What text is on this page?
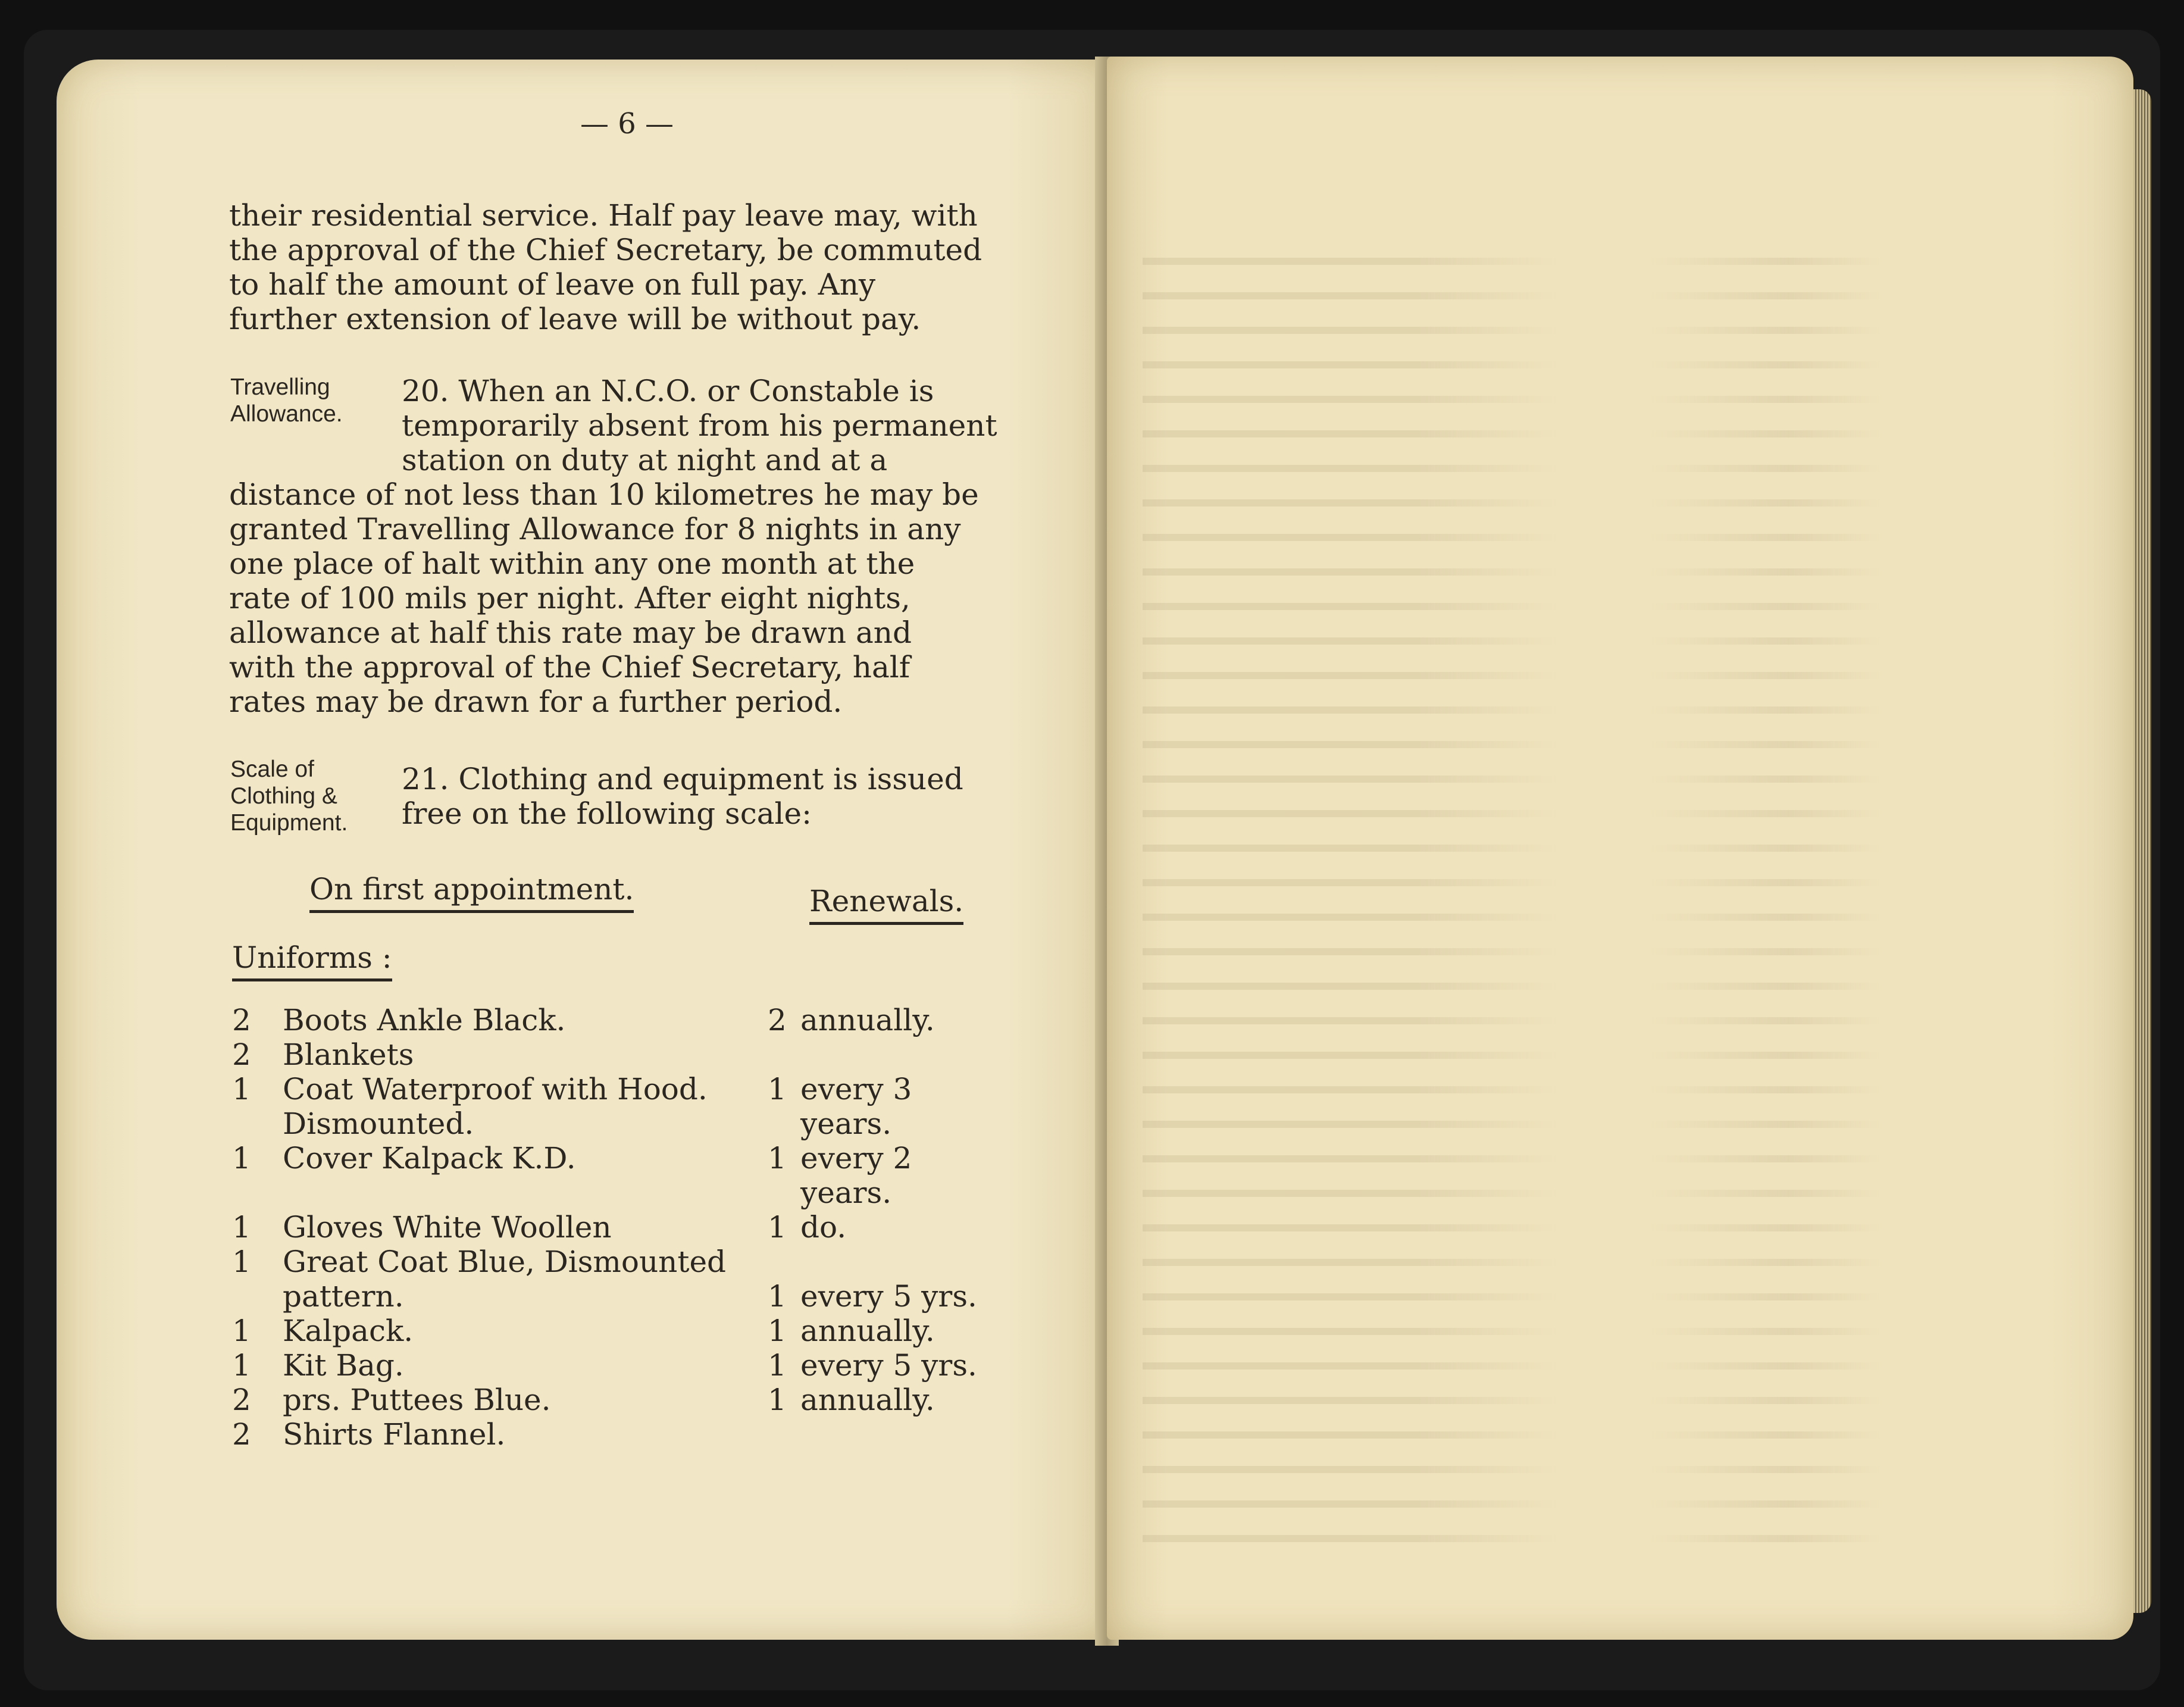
— 6 —
their residential service. Half pay leave may, with
the approval of the Chief Secretary, be commuted
to half the amount of leave on full pay. Any
further extension of leave will be without pay.
Travelling
Allowance.
20. When an N.C.O. or Constable is
temporarily absent from his permanent
station on duty at night and at a
distance of not less than 10 kilometres he may be
granted Travelling Allowance for 8 nights in any
one place of halt within any one month at the
rate of 100 mils per night. After eight nights,
allowance at half this rate may be drawn and
with the approval of the Chief Secretary, half
rates may be drawn for a further period.
Scale of
Clothing &
Equipment.
21. Clothing and equipment is issued
free on the following scale:
On first appointment.	Renewals.
Uniforms :
2 Boots Ankle Black.	2 annually.
2 Blankets
1 Coat Waterproof with Hood. 1 every 3
Dismounted.	years.
1 Cover Kalpack K.D.	1 every 2
years.
1 Gloves White Woollen	1 do.
1 Great Coat Blue, Dismounted
pattern.	1 every 5 yrs.
1 Kalpack.	1 annually.
1 Kit Bag.	1 every 5 yrs.
2 prs. Puttees Blue.	1 annually.
2 Shirts Flannel.
